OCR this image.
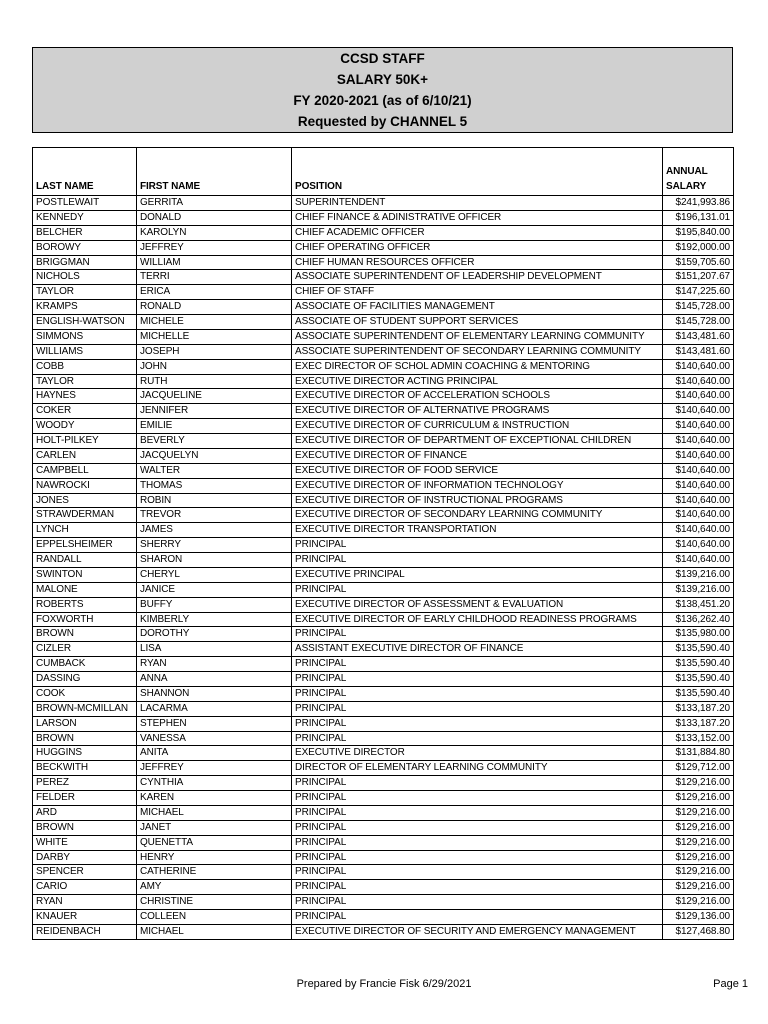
CCSD STAFF
SALARY 50K+
FY 2020-2021 (as of 6/10/21)
Requested by CHANNEL 5
LAST NAME	FIRST NAME	POSITION	ANNUAL
SALARY
POSTLEWAIT	GERRITA	SUPERINTENDENT	$241,993.86
KENNEDY	DONALD	CHIEF FINANCE & ADINISTRATIVE OFFICER	$196,131.01
BELCHER	KAROLYN	CHIEF ACADEMIC OFFICER	$195,840.00
BOROWY	JEFFREY	CHIEF OPERATING OFFICER	$192,000.00
BRIGGMAN	WILLIAM	CHIEF HUMAN RESOURCES OFFICER	$159,705.60
NICHOLS	TERRI	ASSOCIATE SUPERINTENDENT OF LEADERSHIP DEVELOPMENT	$151,207.67
TAYLOR	ERICA	CHIEF OF STAFF	$147,225.60
KRAMPS	RONALD	ASSOCIATE OF FACILITIES MANAGEMENT	$145,728.00
ENGLISH-WATSON	MICHELE	ASSOCIATE OF STUDENT SUPPORT SERVICES	$145,728.00
SIMMONS	MICHELLE	ASSOCIATE SUPERINTENDENT OF ELEMENTARY LEARNING COMMUNITY	$143,481.60
WILLIAMS	JOSEPH	ASSOCIATE SUPERINTENDENT OF SECONDARY LEARNING COMMUNITY	$143,481.60
COBB	JOHN	EXEC DIRECTOR OF SCHOL ADMIN COACHING & MENTORING	$140,640.00
TAYLOR	RUTH	EXECUTIVE DIRECTOR ACTING PRINCIPAL	$140,640.00
HAYNES	JACQUELINE	EXECUTIVE DIRECTOR OF ACCELERATION SCHOOLS	$140,640.00
COKER	JENNIFER	EXECUTIVE DIRECTOR OF ALTERNATIVE PROGRAMS	$140,640.00
WOODY	EMILIE	EXECUTIVE DIRECTOR OF CURRICULUM & INSTRUCTION	$140,640.00
HOLT-PILKEY	BEVERLY	EXECUTIVE DIRECTOR OF DEPARTMENT OF EXCEPTIONAL CHILDREN	$140,640.00
CARLEN	JACQUELYN	EXECUTIVE DIRECTOR OF FINANCE	$140,640.00
CAMPBELL	WALTER	EXECUTIVE DIRECTOR OF FOOD SERVICE	$140,640.00
NAWROCKI	THOMAS	EXECUTIVE DIRECTOR OF INFORMATION TECHNOLOGY	$140,640.00
JONES	ROBIN	EXECUTIVE DIRECTOR OF INSTRUCTIONAL PROGRAMS	$140,640.00
STRAWDERMAN	TREVOR	EXECUTIVE DIRECTOR OF SECONDARY LEARNING COMMUNITY	$140,640.00
LYNCH	JAMES	EXECUTIVE DIRECTOR TRANSPORTATION	$140,640.00
EPPELSHEIMER	SHERRY	PRINCIPAL	$140,640.00
RANDALL	SHARON	PRINCIPAL	$140,640.00
SWINTON	CHERYL	EXECUTIVE PRINCIPAL	$139,216.00
MALONE	JANICE	PRINCIPAL	$139,216.00
ROBERTS	BUFFY	EXECUTIVE DIRECTOR OF ASSESSMENT & EVALUATION	$138,451.20
FOXWORTH	KIMBERLY	EXECUTIVE DIRECTOR OF EARLY CHILDHOOD READINESS PROGRAMS	$136,262.40
BROWN	DOROTHY	PRINCIPAL	$135,980.00
CIZLER	LISA	ASSISTANT EXECUTIVE DIRECTOR OF FINANCE	$135,590.40
CUMBACK	RYAN	PRINCIPAL	$135,590.40
DASSING	ANNA	PRINCIPAL	$135,590.40
COOK	SHANNON	PRINCIPAL	$135,590.40
BROWN-MCMILLAN	LACARMA	PRINCIPAL	$133,187.20
LARSON	STEPHEN	PRINCIPAL	$133,187.20
BROWN	VANESSA	PRINCIPAL	$133,152.00
HUGGINS	ANITA	EXECUTIVE DIRECTOR	$131,884.80
BECKWITH	JEFFREY	DIRECTOR OF ELEMENTARY LEARNING COMMUNITY	$129,712.00
PEREZ	CYNTHIA	PRINCIPAL	$129,216.00
FELDER	KAREN	PRINCIPAL	$129,216.00
ARD	MICHAEL	PRINCIPAL	$129,216.00
BROWN	JANET	PRINCIPAL	$129,216.00
WHITE	QUENETTA	PRINCIPAL	$129,216.00
DARBY	HENRY	PRINCIPAL	$129,216.00
SPENCER	CATHERINE	PRINCIPAL	$129,216.00
CARIO	AMY	PRINCIPAL	$129,216.00
RYAN	CHRISTINE	PRINCIPAL	$129,216.00
KNAUER	COLLEEN	PRINCIPAL	$129,136.00
REIDENBACH	MICHAEL	EXECUTIVE DIRECTOR OF SECURITY AND EMERGENCY MANAGEMENT	$127,468.80
Prepared by Francie Fisk 6/29/2021	Page 1
